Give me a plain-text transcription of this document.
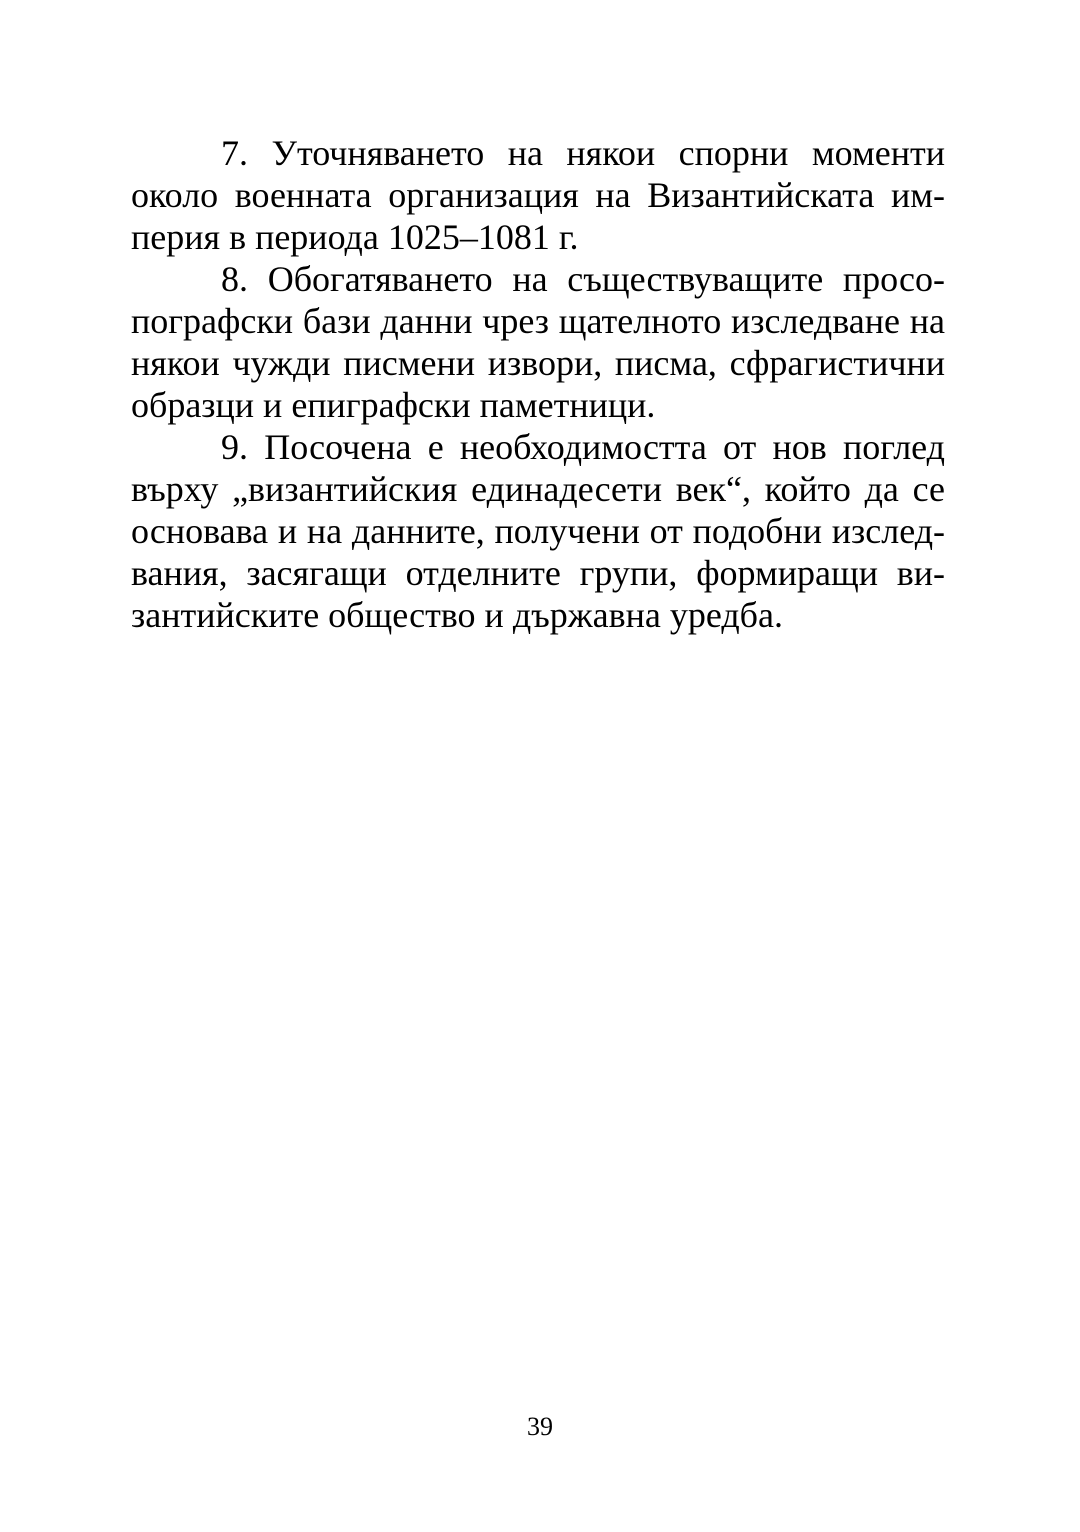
7. Уточняването на някои спорни моменти
около военната организация на Византийската им-
перия в периода 1025–1081 г.
8. Обогатяването на съществуващите просо-
пографски бази данни чрез щателното изследване на
някои чужди писмени извори, писма, сфрагистични
образци и епиграфски паметници.
9. Посочена е необходимостта от нов поглед
върху „византийския единадесети век“, който да се
основава и на данните, получени от подобни изслед-
вания, засягащи отделните групи, формиращи ви-
зантийските общество и държавна уредба.
39
